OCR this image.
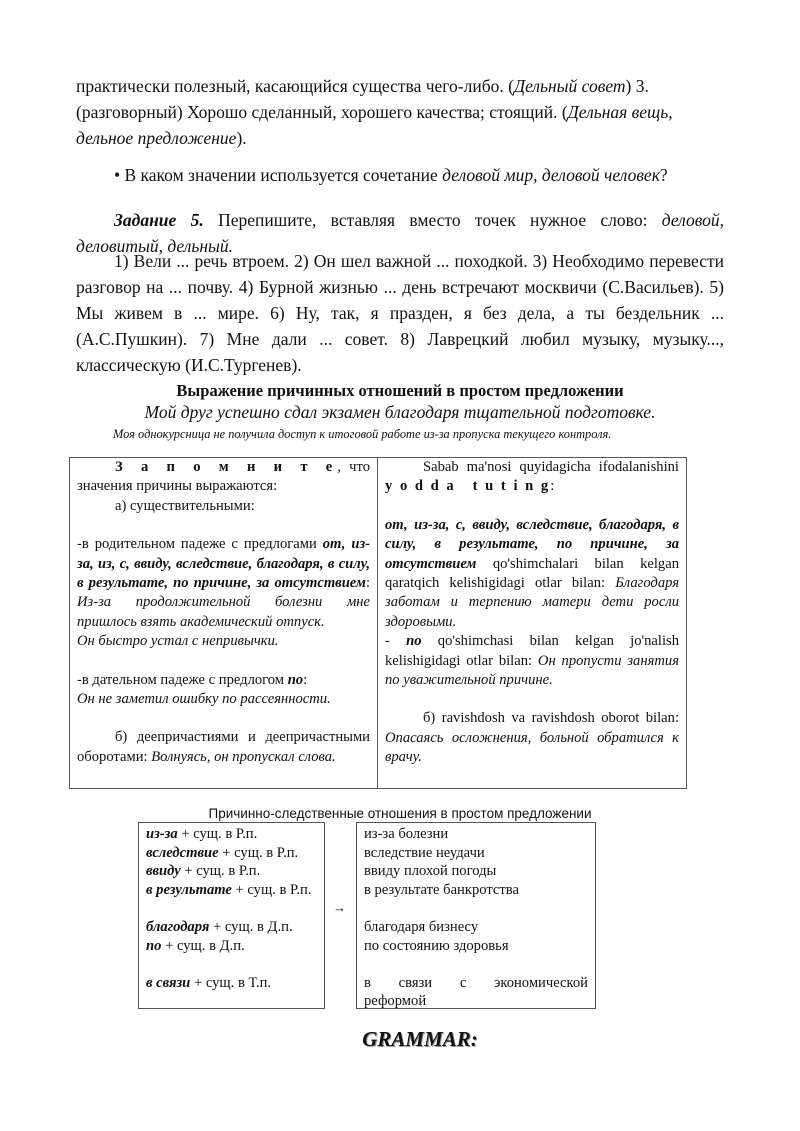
практически полезный, касающийся существа чего-либо. (Дельный совет) 3.
(разговорный) Хорошо сделанный, хорошего качества; стоящий. (Дельная вещь,
дельное предложение).

• В каком значении используется сочетание деловой мир, деловой человек?

Задание 5. Перепишите, вставляя вместо точек нужное слово: деловой, деловитый, дельный.

1) Вели ... речь втроем. 2) Он шел важной ... походкой. 3) Необходимо перевести разговор на ... почву. 4) Бурной жизнью ... день встречают москвичи (С.Васильев). 5) Мы живем в ... мире. 6) Ну, так, я празден, я без дела, а ты бездельник ... (А.С.Пушкин). 7) Мне дали ... совет. 8) Лаврецкий любил музыку, музыку..., классическую (И.С.Тургенев).

Выражение причинных отношений в простом предложении

Мой друг успешно сдал экзамен благодаря тщательной подготовке.

Моя однокурсница не получила доступ к итоговой работе из-за пропуска текущего контроля.

З а п о м н и т е, что значения причины выражаются:

а) существительными:

-в родительном падеже с предлогами от, из-за, из, с, ввиду, вследствие, благодаря, в силу, в результате, по причине, за отсутствием: Из-за продолжительной болезни мне пришлось взять академический отпуск.

Он быстро устал с непривычки.

-в дательном падеже с предлогом по:

Он не заметил ошибку по рассеянности.

б) деепричастиями и деепричастными оборотами: Волнуясь, он пропускал слова.

Sabab ma'nosi quyidagicha ifodalanishini

y o d d a   t u t i n g:

от, из-за, с, ввиду, вследствие, благодаря, в силу, в результате, по причине, за отсутствием qo'shimchalari bilan kelgan qaratqich kelishigidagi otlar bilan: Благодаря заботам и терпению матери дети росли здоровыми.

- по qo'shimchasi bilan kelgan jo'nalish kelishigidagi otlar bilan: Он пропусти занятия по уважительной причине.

б) ravishdosh va ravishdosh oborot bilan: Опасаясь осложнения, больной обратился к врачу.

Причинно-следственные отношения в простом предложении

из-за + сущ. в Р.п.

вследствие + сущ. в Р.п.

ввиду + сущ. в Р.п.

в результате + сущ. в Р.п.

благодаря + сущ. в Д.п.

по + сущ. в Д.п.

в связи + сущ. в Т.п.

→

из-за болезни

вследствие неудачи

ввиду плохой погоды

в результате банкротства

благодаря бизнесу

по состоянию здоровья

в связи с экономической реформой

GRAMMAR:
